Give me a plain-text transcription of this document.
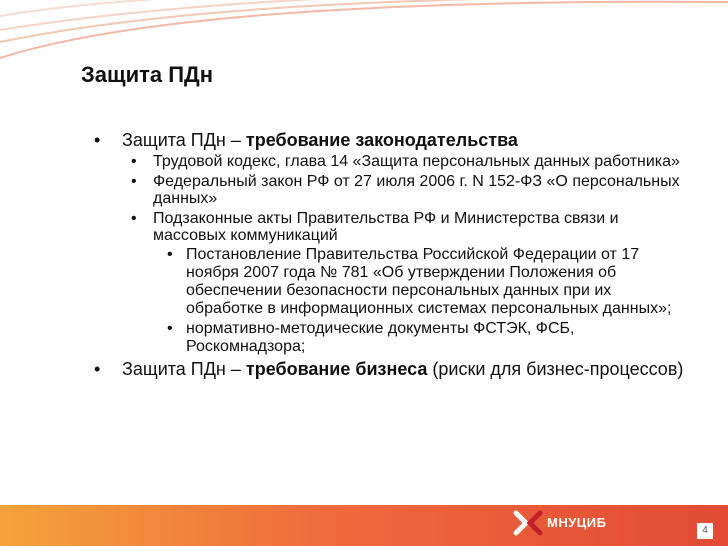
Защита ПДн
• Защита ПДн – требование законодательства
• Трудовой кодекс, глава 14 «Защита персональных данных работника»
• Федеральный закон РФ от 27 июля 2006 г. N 152-ФЗ «О персональных данных»
• Подзаконные акты Правительства РФ и Министерства связи и массовых коммуникаций
• Постановление Правительства Российской Федерации от 17 ноября 2007 года № 781 «Об утверждении Положения об обеспечении безопасности персональных данных при их обработке в информационных системах персональных данных»;
• нормативно-методические документы ФСТЭК, ФСБ, Роскомнадзора;
• Защита ПДн – требование бизнеса (риски для бизнес-процессов)
МНУЦИБ
4
